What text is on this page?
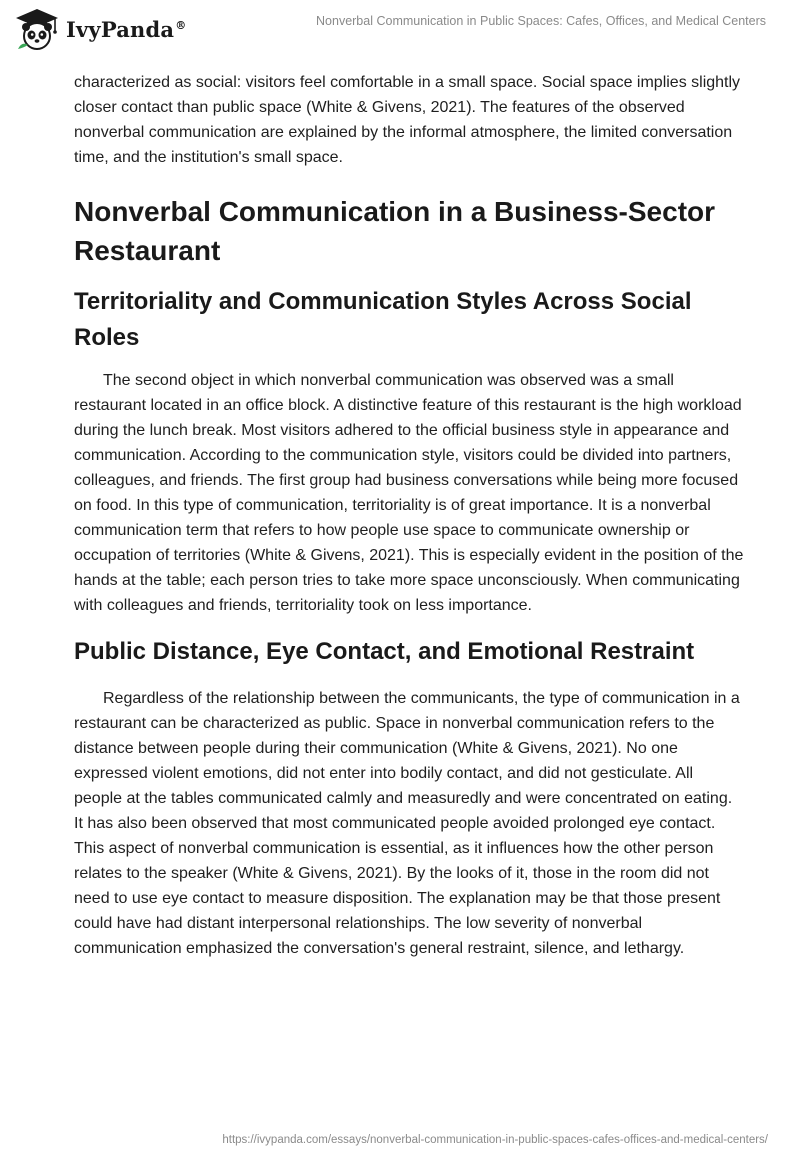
IvyPanda®	Nonverbal Communication in Public Spaces: Cafes, Offices, and Medical Centers

characterized as social: visitors feel comfortable in a small space. Social space implies slightly closer contact than public space (White & Givens, 2021). The features of the observed nonverbal communication are explained by the informal atmosphere, the limited conversation time, and the institution's small space.

Nonverbal Communication in a Business-Sector Restaurant
Territoriality and Communication Styles Across Social Roles

The second object in which nonverbal communication was observed was a small restaurant located in an office block. A distinctive feature of this restaurant is the high workload during the lunch break. Most visitors adhered to the official business style in appearance and communication. According to the communication style, visitors could be divided into partners, colleagues, and friends. The first group had business conversations while being more focused on food. In this type of communication, territoriality is of great importance. It is a nonverbal communication term that refers to how people use space to communicate ownership or occupation of territories (White & Givens, 2021). This is especially evident in the position of the hands at the table; each person tries to take more space unconsciously. When communicating with colleagues and friends, territoriality took on less importance.

Public Distance, Eye Contact, and Emotional Restraint

Regardless of the relationship between the communicants, the type of communication in a restaurant can be characterized as public. Space in nonverbal communication refers to the distance between people during their communication (White & Givens, 2021). No one expressed violent emotions, did not enter into bodily contact, and did not gesticulate. All people at the tables communicated calmly and measuredly and were concentrated on eating. It has also been observed that most communicated people avoided prolonged eye contact. This aspect of nonverbal communication is essential, as it influences how the other person relates to the speaker (White & Givens, 2021). By the looks of it, those in the room did not need to use eye contact to measure disposition. The explanation may be that those present could have had distant interpersonal relationships. The low severity of nonverbal communication emphasized the conversation's general restraint, silence, and lethargy.

https://ivypanda.com/essays/nonverbal-communication-in-public-spaces-cafes-offices-and-medical-centers/
